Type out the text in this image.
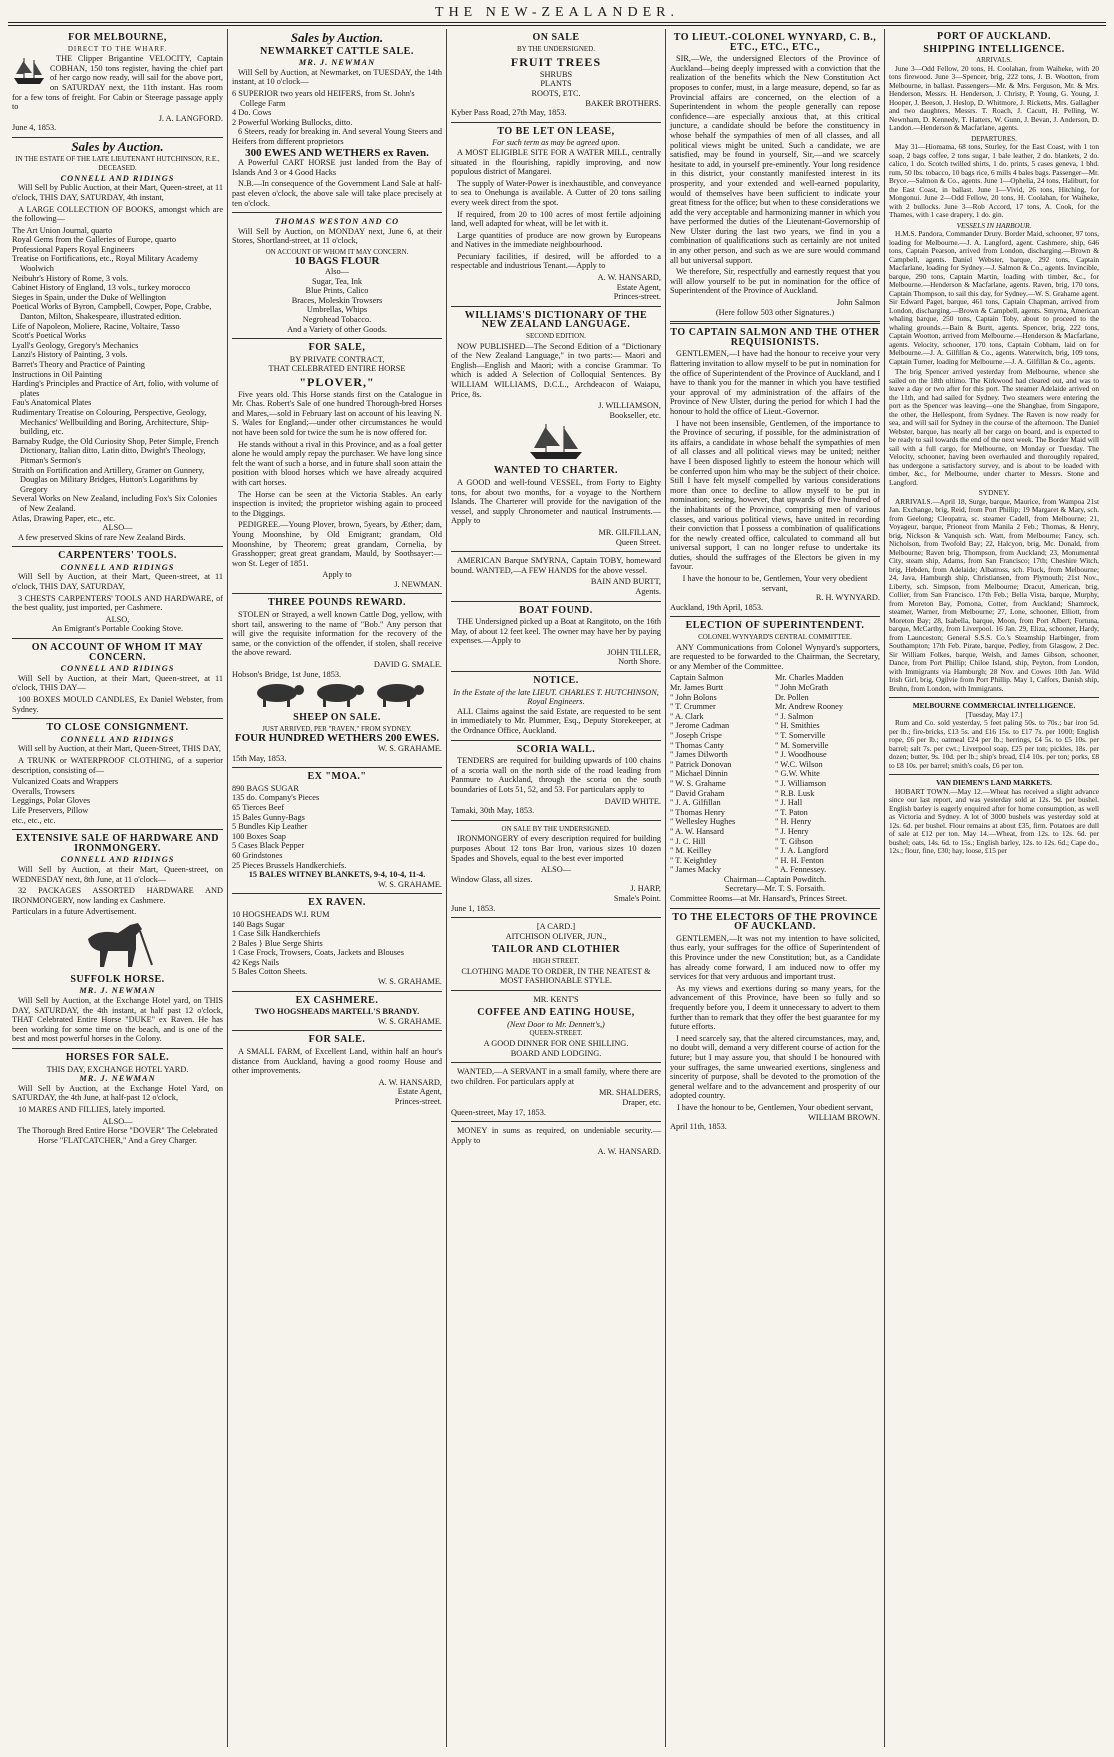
THE NEW-ZEALANDER.
FOR MELBOURNE,
DIRECT TO THE WHARF.

THE Clipper Brigantine VELOCITY, Captain COBHAN, 150 tons register, having the chief part of her cargo now ready, will sail for the above port, on SATURDAY next, the 11th instant. Has room for a few tons of freight. For Cabin or Steerage passage apply to

J. A. LANGFORD.
June 4, 1853.
Sales by Auction.
IN THE ESTATE OF THE LATE LIEUTENANT HUTCHINSON, R.E., DECEASED.
CONNELL AND RIDINGS

Will Sell by Public Auction, at their Mart, Queen-street, at 11 o'clock, THIS DAY, SATURDAY, 4th instant,

A LARGE COLLECTION OF BOOKS, amongst which are the following—

The Art Union Journal, quarto
Royal Gems from the Galleries of Europe, quarto
Professional Papers Royal Engineers
Treatise on Fortifications, etc., Royal Military Academy Woolwich
Neibuhr's History of Rome, 3 vols.
Cabinet History of England, 13 vols., turkey morocco
Sieges in Spain, under the Duke of Wellington
Poetical Works of Byron, Campbell, Cowper, Pope, Crabbe, Danton, Milton, Shakespeare, illustrated edition.
Life of Napoleon, Moliere, Racine, Voltaire, Tasso
Scott's Poetical Works
Lyall's Geology, Gregory's Mechanics
Lanzi's History of Painting, 3 vols.
Barret's Theory and Practice of Painting
Instructions in Oil Painting
Harding's Principles and Practice of Art, folio, with volume of plates
Fau's Anatomical Plates
Rudimentary Treatise on Colouring, Perspective, Geology, Mechanics' Wellbuilding and Boring, Architecture, Ship-building, etc.
Barnaby Rudge, the Old Curiosity Shop, Peter Simple, French Dictionary, Italian ditto, Latin ditto, Dwight's Theology, Pitman's Sermon's
Straith on Fortification and Artillery, Gramer on Gunnery, Douglas on Military Bridges, Hutton's Logarithms by Gregory
Several Works on New Zealand, including Fox's Six Colonies of New Zealand.
Atlas, Drawing Paper, etc., etc.
ALSO—

A few preserved Skins of rare New Zealand Birds.

CARPENTERS' TOOLS.
CONNELL AND RIDINGS

Will Sell by Auction, at their Mart, Queen-street, at 11 o'clock, THIS DAY, SATURDAY,

3 CHESTS CARPENTERS' TOOLS AND HARDWARE, of the best quality, just imported, per Cashmere.

ALSO,
An Emigrant's Portable Cooking Stove.
ON ACCOUNT OF WHOM IT MAY CONCERN.
CONNELL AND RIDINGS

Will Sell by Auction, at their Mart, Queen-street, at 11 o'clock, THIS DAY—

100 BOXES MOULD CANDLES, Ex Daniel Webster, from Sydney.

TO CLOSE CONSIGNMENT.
CONNELL AND RIDINGS

Will sell by Auction, at their Mart, Queen-Street, THIS DAY,

A TRUNK or WATERPROOF CLOTHING, of a superior description, consisting of—

Vulcanized Coats and Wrappers
Overalls, Trowsers
Leggings, Polar Gloves
Life Preservers, Pillow
etc., etc., etc.
EXTENSIVE SALE OF HARDWARE AND IRONMONGERY.
CONNELL AND RIDINGS

Will Sell by Auction, at their Mart, Queen-street, on WEDNESDAY next, 8th June, at 11 o'clock—

32 PACKAGES ASSORTED HARDWARE AND IRONMONGERY, now landing ex Cashmere.

Particulars in a future Advertisement.
SUFFOLK HORSE.
MR. J. NEWMAN

Will Sell by Auction, at the Exchange Hotel yard, on THIS DAY, SATURDAY, the 4th instant, at half past 12 o'clock, THAT Celebrated Entire Horse "DUKE" ex Raven. He has been working for some time on the beach, and is one of the best and most powerful horses in the Colony.

HORSES FOR SALE.
THIS DAY, EXCHANGE HOTEL YARD.
MR. J. NEWMAN

Will Sell by Auction, at the Exchange Hotel Yard, on SATURDAY, the 4th June, at half-past 12 o'clock,

10 MARES AND FILLIES, lately imported.

ALSO—
The Thorough Bred Entire Horse "DOVER" The Celebrated Horse "FLATCATCHER," And a Grey Charger.
Sales by Auction.
NEWMARKET CATTLE SALE.
MR. J. NEWMAN

Will Sell by Auction, at Newmarket, on TUESDAY, the 14th instant, at 10 o'clock—

6 SUPERIOR two years old HEIFERS, from St. John's College Farm
4 Do. Cows
2 Powerful Working Bullocks, ditto.

6 Steers, ready for breaking in. And several Young Steers and Heifers from different proprietors

300 EWES AND WETHERS ex Raven.

A Powerful CART HORSE just landed from the Bay of Islands And 3 or 4 Good Hacks

N.B.—In consequence of the Government Land Sale at half-past eleven o'clock, the above sale will take place precisely at ten o'clock.

THOMAS WESTON AND CO

Will Sell by Auction, on MONDAY next, June 6, at their Stores, Shortland-street, at 11 o'clock,

ON ACCOUNT OF WHOM IT MAY CONCERN.
10 BAGS FLOUR
Also—
Sugar, Tea, Ink
Blue Prints, Calico
Braces, Moleskin Trowsers
Umbrellas, Whips
Negrohead Tobacco.
And a Variety of other Goods.
FOR SALE,
BY PRIVATE CONTRACT,
THAT CELEBRATED ENTIRE HORSE
"PLOVER,"

Five years old. This Horse stands first on the Catalogue in Mr. Chas. Robert's Sale of one hundred Thorough-bred Horses and Mares,—sold in February last on account of his leaving N. S. Wales for England;—under other circumstances he would not have been sold for twice the sum he is now offered for.

He stands without a rival in this Province, and as a foal getter alone he would amply repay the purchaser. We have long since felt the want of such a horse, and in future shall soon attain the position with blood horses which we have already acquired with cart horses.

The Horse can be seen at the Victoria Stables. An early inspection is invited; the proprietor wishing again to proceed to the Diggings.

PEDIGREE.—Young Plover, brown, 5years, by Æther; dam, Young Moonshine, by Old Emigrant; grandam, Old Moonshine, by Theorem; great grandam, Cornelia, by Grasshopper; great great grandam, Mauld, by Soothsayer:—won St. Leger of 1851.

Apply to
J. NEWMAN.
THREE POUNDS REWARD.

STOLEN or Strayed, a well known Cattle Dog, yellow, with short tail, answering to the name of "Bob." Any person that will give the requisite information for the recovery of the same, or the conviction of the offender, if stolen, shall receive the above reward.

DAVID G. SMALE.
Hobson's Bridge, 1st June, 1853.
SHEEP ON SALE.
JUST ARRIVED, PER "RAVEN," FROM SYDNEY.
FOUR HUNDRED WETHERS 200 EWES.
W. S. GRAHAME.
15th May, 1853.
EX "MOA."
890 BAGS SUGAR
135 do. Company's Pieces
65 Tierces Beef
15 Bales Gunny-Bags
5 Bundles Kip Leather
100 Boxes Soap
5 Cases Black Pepper
60 Grindstones
25 Pieces Brussels Handkerchiefs.
15 BALES WITNEY BLANKETS, 9-4, 10-4, 11-4.
W. S. GRAHAME.
EX RAVEN.
10 HOGSHEADS W.I. RUM
140 Bags Sugar
1 Case Silk Handkerchiefs
2 Bales } Blue Serge Shirts
1 Case Frock, Trowsers, Coats, Jackets and Blouses
42 Kegs Nails
5 Bales Cotton Sheets.
W. S. GRAHAME.
EX CASHMERE.
TWO HOGSHEADS MARTELL'S BRANDY.
W. S. GRAHAME.
FOR SALE.

A SMALL FARM, of Excellent Land, within half an hour's distance from Auckland, having a good roomy House and other improvements.

A. W. HANSARD,
Estate Agent,
Princes-street.
ON SALE
BY THE UNDERSIGNED.
FRUIT TREES
SHRUBS
PLANTS
ROOTS, ETC.
BAKER BROTHERS.
Kyber Pass Road, 27th May, 1853.
TO BE LET ON LEASE,
For such term as may be agreed upon.

A MOST ELIGIBLE SITE FOR A WATER MILL, centrally situated in the flourishing, rapidly improving, and now populous district of Mangarei.

The supply of Water-Power is inexhaustible, and conveyance to sea to Onehunga is available. A Cutter of 20 tons sailing every week direct from the spot.

If required, from 20 to 100 acres of most fertile adjoining land, well adapted for wheat, will be let with it.

Large quantities of produce are now grown by Europeans and Natives in the immediate neighbourhood.

Pecuniary facilities, if desired, will be afforded to a respectable and industrious Tenant.—Apply to

A. W. HANSARD,
Estate Agent,
Princes-street.
WILLIAMS'S DICTIONARY OF THE NEW ZEALAND LANGUAGE.
SECOND EDITION.

NOW PUBLISHED—The Second Edition of a "Dictionary of the New Zealand Language," in two parts:— Maori and English—English and Maori; with a concise Grammar. To which is added A Selection of Colloquial Sentences. By WILLIAM WILLIAMS, D.C.L., Archdeacon of Waiapu, Price, 8s.

J. WILLIAMSON,
Bookseller, etc.
WANTED TO CHARTER.

A GOOD and well-found VESSEL, from Forty to Eighty tons, for about two months, for a voyage to the Northern Islands. The Charterer will provide for the navigation of the vessel, and supply Chronometer and nautical Instruments.—Apply to

MR. GILFILLAN,
Queen Street.

AMERICAN Barque SMYRNA, Captain TOBY, homeward bound. WANTED,—A FEW HANDS for the above vessel.

BAIN AND BURTT,
Agents.
BOAT FOUND.

THE Undersigned picked up a Boat at Rangitoto, on the 16th May, of about 12 feet keel. The owner may have her by paying expenses.—Apply to

JOHN TILLER,
North Shore.
NOTICE.
In the Estate of the late LIEUT. CHARLES T. HUTCHINSON, Royal Engineers.

ALL Claims against the said Estate, are requested to be sent in immediately to Mr. Plummer, Esq., Deputy Storekeeper, at the Ordnance Office, Auckland.

SCORIA WALL.

TENDERS are required for building upwards of 100 chains of a scoria wall on the north side of the road leading from Panmure to Auckland, through the scoria on the south boundaries of Lots 51, 52, and 53. For particulars apply to

DAVID WHITE.
Tamaki, 30th May, 1853.
ON SALE BY THE UNDERSIGNED.

IRONMONGERY of every description required for building purposes About 12 tons Bar Iron, various sizes 10 dozen Spades and Shovels, equal to the best ever imported

ALSO—
Window Glass, all sizes.
J. HARP,
Smale's Point.
June 1, 1853.
[A CARD.]
AITCHISON OLIVER, JUN.,
TAILOR AND CLOTHIER
HIGH STREET.
CLOTHING MADE TO ORDER, IN THE NEATEST & MOST FASHIONABLE STYLE.
MR. KENT'S
COFFEE AND EATING HOUSE,
(Next Door to Mr. Dennett's,)
QUEEN-STREET.
A GOOD DINNER FOR ONE SHILLING.
BOARD AND LODGING.

WANTED,—A SERVANT in a small family, where there are two children. For particulars apply at

MR. SHALDERS,
Draper, etc.
Queen-street, May 17, 1853.

MONEY in sums as required, on undeniable security.—Apply to

A. W. HANSARD.
TO LIEUT.-COLONEL WYNYARD, C. B., ETC., ETC., ETC.,

SIR,—We, the undersigned Electors of the Province of Auckland—being deeply impressed with a conviction that the realization of the benefits which the New Constitution Act proposes to confer, must, in a large measure, depend, so far as Provincial affairs are concerned, on the election of a Superintendent in whom the people generally can repose confidence—are especially anxious that, at this critical juncture, a candidate should be before the constituency in whose behalf the sympathies of men of all classes, and all political views might be united. Such a candidate, we are satisfied, may be found in yourself, Sir,—and we scarcely hesitate to add, in yourself pre-eminently. Your long residence in this district, your constantly manifested interest in its prosperity, and your extended and well-earned popularity, would of themselves have been sufficient to indicate your great fitness for the office; but when to these considerations we add the very acceptable and harmonizing manner in which you have performed the duties of the Lieutenant-Governorship of New Ulster during the last two years, we find in you a combination of qualifications such as certainly are not united in any other person, and such as we are sure would command all but universal support.

We therefore, Sir, respectfully and earnestly request that you will allow yourself to be put in nomination for the office of Superintendent of the Province of Auckland.

John Salmon
(Here follow 503 other Signatures.)
TO CAPTAIN SALMON AND THE OTHER REQUISIONISTS.

GENTLEMEN,—I have had the honour to receive your very flattering invitation to allow myself to be put in nomination for the office of Superintendent of the Province of Auckland, and I have to thank you for the manner in which you have testified your approval of my administration of the affairs of the Province of New Ulster, during the period for which I had the honour to hold the office of Lieut.-Governor.

I have not been insensible, Gentlemen, of the importance to the Province of securing, if possible, for the administration of its affairs, a candidate in whose behalf the sympathies of men of all classes and all political views may be united; neither have I been disposed lightly to esteem the honour which will be conferred upon him who may be the subject of their choice. Still I have felt myself compelled by various considerations more than once to decline to allow myself to be put in nomination; seeing, however, that upwards of five hundred of the inhabitants of the Province, comprising men of various classes, and various political views, have united in recording their conviction that I possess a combination of qualifications for the newly created office, calculated to command all but universal support, I can no longer refuse to undertake its duties, should the suffrages of the Electors be given in my favour.

I have the honour to be, Gentlemen, Your very obedient servant,
R. H. WYNYARD.
Auckland, 19th April, 1853.
ELECTION OF SUPERINTENDENT.
COLONEL WYNYARD'S CENTRAL COMMITTEE.

ANY Communications from Colonel Wynyard's supporters, are requested to be forwarded to the Chairman, the Secretary, or any Member of the Committee.

Captain Salmon
Mr. James Burtt
" John Bolons
" T. Crummer
" A. Clark
" Jerome Cadman
" Joseph Crispe
" Thomas Canty
" James Dilworth
" Patrick Donovan
" Michael Dinnin
" W. S. Grahame
" David Graham
" J. A. Gilfillan
" Thomas Henry
" Wellesley Hughes
" A. W. Hansard
" J. C. Hill
" M. Keilley
" T. Keightley
" James Macky
Mr. Charles Madden
" John McGrath
Dr. Pollen
Mr. Andrew Rooney
" J. Salmon
" H. Smithies
" T. Somerville
" M. Somerville
" J. Woodhouse
" W.C. Wilson
" G.W. White
" J. Williamson
" R.B. Lusk
" J. Hall
" T. Paton
" H. Henry
" J. Henry
" T. Gibson
" J. A. Langford
" H. H. Fenton
" A. Fennessey.
Chairman—Captain Powditch.
Secretary—Mr. T. S. Forsaith.
Committee Rooms—at Mr. Hansard's, Princes Street.
TO THE ELECTORS OF THE PROVINCE OF AUCKLAND.

GENTLEMEN,—It was not my intention to have solicited, thus early, your suffrages for the office of Superintendent of this Province under the new Constitution; but, as a Candidate has already come forward, I am induced now to offer my services for that very arduous and important trust.

As my views and exertions during so many years, for the advancement of this Province, have been so fully and so frequently before you, I deem it unnecessary to advert to them further than to remark that they offer the best guarantee for my future efforts.

I need scarcely say, that the altered circumstances, may, and, no doubt will, demand a very different course of action for the future; but I may assure you, that should I be honoured with your suffrages, the same unwearied exertions, singleness and sincerity of purpose, shall be devoted to the promotion of the general welfare and to the advancement and prosperity of our adopted country.

I have the honour to be, Gentlemen, Your obedient servant,
WILLIAM BROWN.
April 11th, 1853.
PORT OF AUCKLAND.
SHIPPING INTELLIGENCE.
ARRIVALS.

June 3—Odd Fellow, 20 tons, H. Coolahan, from Waiheke, with 20 tons firewood. June 3—Spencer, brig, 222 tons, J. B. Wootton, from Melbourne, in ballast. Passengers—Mr. & Mrs. Ferguson, Mr. & Mrs. Henderson, Messrs. H. Henderson, J. Christy, P. Young, G. Young, J. Hooper, J. Beeson, J. Heslop, D. Whitmore, J. Ricketts, Mrs. Gallagher and two daughters, Messrs. T. Roach, J. Cacutt, H. Pelling, W. Newnham, D. Kennedy, T. Hatters, W. Gunn, J. Bevan, J. Anderson, D. Landon.—Henderson & Macfarlane, agents.

DEPARTURES.

May 31—Hiomama, 68 tons, Sturley, for the East Coast, with 1 ton soap, 2 bags coffee, 2 tons sugar, 1 bale leather, 2 do. blankets, 2 do. calico, 1 do. Scotch twilled shirts, 1 do. prints, 5 cases geneva, 1 bhd. rum, 50 lbs. tobacco, 10 bags rice, 6 mills 4 bales bags. Passenger—Mr. Bryce.—Salmon & Co., agents. June 1—Ophelia, 24 tons, Haliburt, for the East Coast, in ballast. June 1—Vivid, 26 tons, Hitching, for Mongonui. June 2—Odd Fellow, 20 tons, H. Coolahan, for Waiheke, with 2 bullocks. June 3—Rob Accord, 17 tons, A. Cook, for the Thames, with 1 case drapery, 1 do. gin.

VESSELS IN HARBOUR.

H.M.S. Pandora, Commander Drury. Border Maid, schooner, 97 tons, loading for Melbourne.—J. A. Langford, agent. Cashmere, ship, 646 tons, Captain Pearson, arrived from London, discharging.—Brown & Campbell, agents. Daniel Webster, barque, 292 tons, Captain Macfarlane, loading for Sydney.—J. Salmon & Co., agents. Invincible, barque, 290 tons, Captain Martin, loading with timber, &c., for Melbourne.—Henderson & Macfarlane, agents. Raven, brig, 170 tons, Captain Thompson, to sail this day, for Sydney.—W. S. Grahame agent. Sir Edward Paget, barque, 461 tons, Captain Chapman, arrived from London, discharging.—Brown & Campbell, agents. Smyrna, American whaling barque, 250 tons, Captain Toby, about to proceed to the whaling grounds.—Bain & Burtt, agents. Spencer, brig, 222 tons, Captain Wootton, arrived from Melbourne.—Henderson & Macfarlane, agents. Velocity, schooner, 170 tons, Captain Cobham, laid on for Melbourne.—J. A. Gilfillan & Co., agents. Waterwitch, brig, 109 tons, Captain Turner, loading for Melbourne.—J. A. Gilfillan & Co., agents.

The brig Spencer arrived yesterday from Melbourne, whence she sailed on the 18th ultimo. The Kirkwood had cleared out, and was to leave a day or two after for this port. The steamer Adelaide arrived on the 11th, and had sailed for Sydney. Two steamers were entering the port as the Spencer was leaving—one the Shanghae, from Singapore, the other, the Hellespont, from Sydney. The Raven is now ready for sea, and will sail for Sydney in the course of the afternoon. The Daniel Webster, barque, has nearly all her cargo on board, and is expected to be ready to sail towards the end of the next week. The Border Maid will sail with a full cargo, for Melbourne, on Monday or Tuesday. The Velocity, schooner, having been overhauled and thoroughly repaired, has undergone a satisfactory survey, and is about to be loaded with timber, &c., for Melbourne, under charter to Messrs. Stone and Langford.

SYDNEY.

ARRIVALS.—April 18, Surge, barque, Maurice, from Wampoa 21st Jan. Exchange, brig, Reid, from Port Phillip; 19 Margaret & Mary, sch. from Geelong; Cleopatra, sc. steamer Cadell, from Melbourne; 21, Voyageur, barque, Prioneot from Manila 2 Feb.; Thomas, & Henry, brig, Nickson & Vanquish sch. Watt, from Melbourne; Fancy, sch. Nicholson, from Twofold Bay; 22, Halcyon, brig, Mc. Donald, from Melbourne; Raven brig, Thompson, from Auckland; 23, Monumental City, steam ship, Adams, from San Francisco; 17th; Cheshire Witch, brig, Hebden, from Adelaide; Albatross, sch. Fluck, from Melbourne; 24, Java, Hamburgh ship, Christiansen, from Plymouth; 21st Nov., Liberty, sch. Simpson, from Melbourne; Dracut, American, brig, Collier, from San Francisco. 17th Feb.; Bella Vista, barque, Murphy, from Moreton Bay, Pomona, Cotter, from Auckland; Shamrock, steamer, Warner, from Melbourne; 27, Lone, schooner, Elliott, from Moreton Bay; 28, Isabella, barque, Moon, from Port Albert; Fortuna, barque, McCarthy, from Liverpool. 16 Jan. 29, Eliza, schooner, Hardy, from Launceston; General S.S.S. Co.'s Steamship Harbinger, from Southampton; 17th Feb. Pirate, barque, Pedley, from Glasgow, 2 Dec. Sir William Folkes, barque, Welsh, and James Gibson, schooner, Dance, from Port Phillip; Chiloe Island, ship, Peyton, from London, with Immigrants via Hamburgh; 28 Nov. and Cowes 10th Jan. Wild Irish Girl, brig, Ogilvie from Port Phillip. May 1, Calfors, Danish ship, Bruhn, from London, with Immigrants.

MELBOURNE COMMERCIAL INTELLIGENCE.
[Tuesday, May 17.]

Rum and Co. sold yesterday, 5 feet paling 50s. to 70s.; bar iron 5d. per lb.; fire-bricks, £13 5s. and £16 15s. to £17 7s. per 1000; English rope, £6 per lb.; oatmeal £24 per lb.; herrings, £4 5s. to £5 10s. per barrel; salt 7s. per cwt.; Liverpool soap, £25 per ton; pickles, 18s. per dozen; butter, 9s. 10d. per lb.; ship's bread, £14 10s. per ton; porks, £8 to £8 10s. per barrel; smith's coals, £6 per ton.

VAN DIEMEN'S LAND MARKETS.

HOBART TOWN.—May 12.—Wheat has received a slight advance since our last report, and was yesterday sold at 12s. 9d. per bushel. English barley is eagerly enquired after for home consumption, as well as Victoria and Sydney. A lot of 3000 bushels was yesterday sold at 12s. 6d. per bushel. Flour remains at about £35, firm. Potatoes are dull of sale at £12 per ton. May 14.—Wheat, from 12s. to 12s. 6d. per bushel; oats, 14s. 6d. to 15s.; English barley, 12s. to 12s. 6d.; Cape do., 12s.; flour, fine, £30; hay, loose, £15 per
